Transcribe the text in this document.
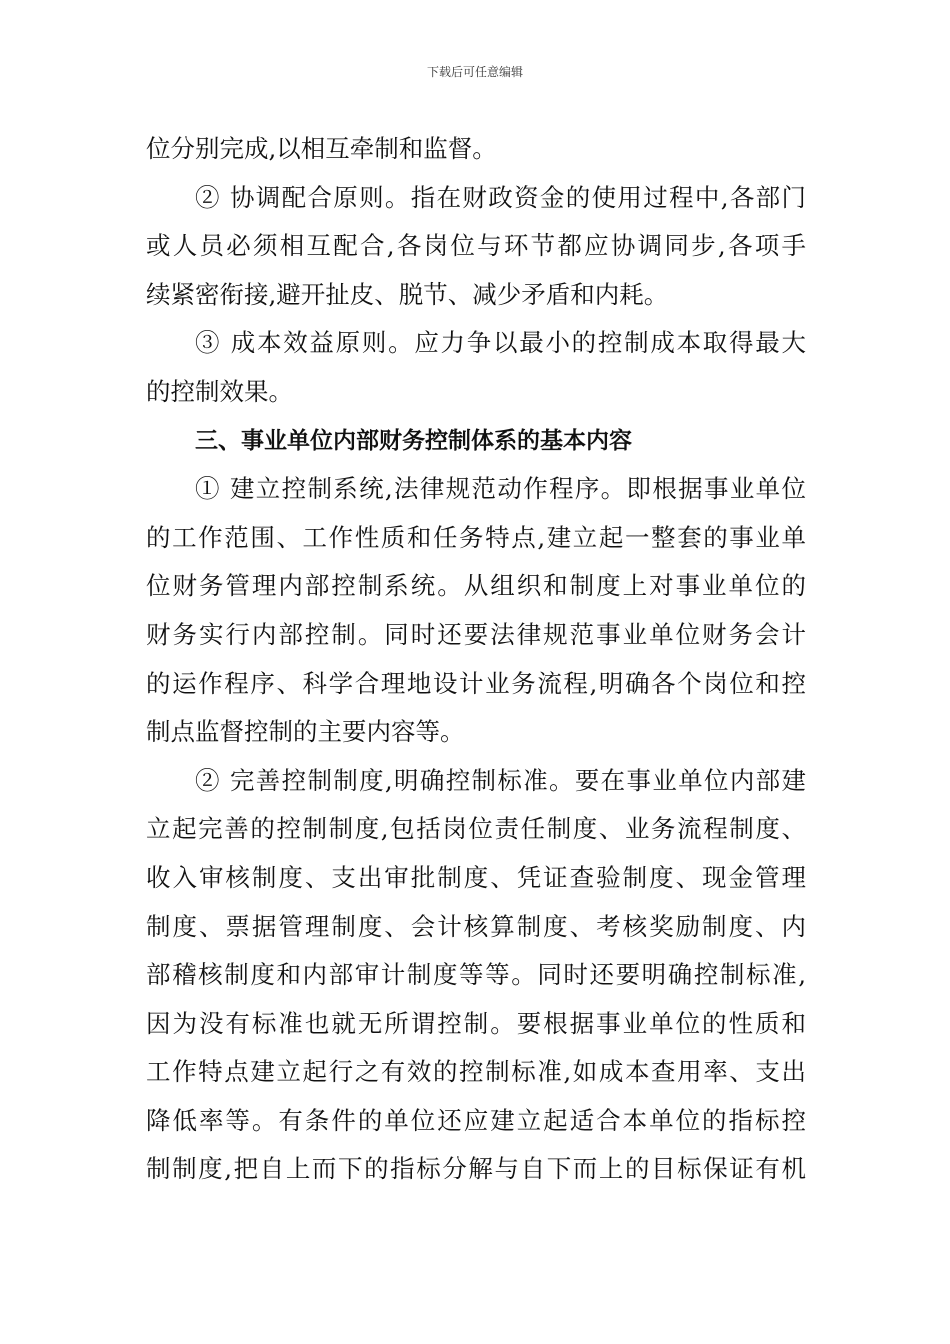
下载后可任意编辑
位分别完成,以相互牵制和监督。
② 协调配合原则。指在财政资金的使用过程中,各部门
或人员必须相互配合,各岗位与环节都应协调同步,各项手
续紧密衔接,避开扯皮、脱节、减少矛盾和内耗。
③ 成本效益原则。应力争以最小的控制成本取得最大
的控制效果。
三、事业单位内部财务控制体系的基本内容
① 建立控制系统,法律规范动作程序。即根据事业单位
的工作范围、工作性质和任务特点,建立起一整套的事业单
位财务管理内部控制系统。从组织和制度上对事业单位的
财务实行内部控制。同时还要法律规范事业单位财务会计
的运作程序、科学合理地设计业务流程,明确各个岗位和控
制点监督控制的主要内容等。
② 完善控制制度,明确控制标准。要在事业单位内部建
立起完善的控制制度,包括岗位责任制度、业务流程制度、
收入审核制度、支出审批制度、凭证查验制度、现金管理
制度、票据管理制度、会计核算制度、考核奖励制度、内
部稽核制度和内部审计制度等等。同时还要明确控制标准,
因为没有标准也就无所谓控制。要根据事业单位的性质和
工作特点建立起行之有效的控制标准,如成本查用率、支出
降低率等。有条件的单位还应建立起适合本单位的指标控
制制度,把自上而下的指标分解与自下而上的目标保证有机
